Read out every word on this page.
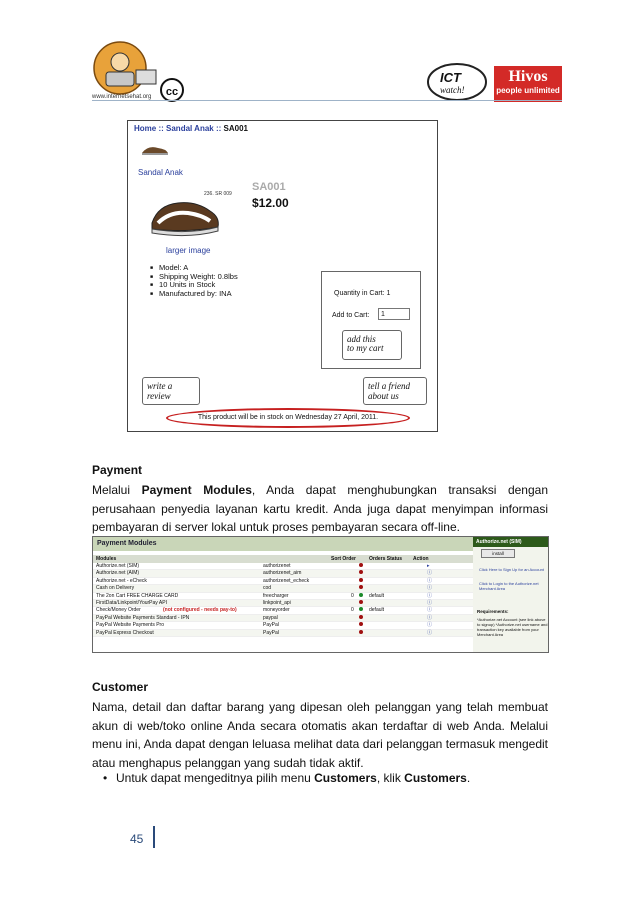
www.internetsehat.org	cc
ICT
watch!
Hivos
people unlimited
Home :: Sandal Anak :: SA001
Sandal Anak
SA001
$12.00
236. SR 009
larger image
■ Model: A
■ Shipping Weight: 0.8lbs
■ 10 Units in Stock
■ Manufactured by: INA	Quantity in Cart: 1
Add to Cart:	1
add this
to my cart
write a
review
tell a friend
about us
This product will be in stock on Wednesday 27 April, 2011.
Payment
Melalui Payment Modules, Anda dapat menghubungkan transaksi dengan perusahaan penyedia layanan kartu kredit. Anda juga dapat menyimpan informasi pembayaran di server lokal untuk proses pembayaran secara off-line.
Payment Modules
Modules	Sort Order	Orders Status Action
Authorize.net (SIM)	authorizenet	▸
Authorize.net (AIM)	authorizenet_aim	ⓘ
Authorize.net - eCheck	authorizenet_echeck	ⓘ
Cash on Delivery	cod	ⓘ
The 2on Cart FREE CHARGE CARD	freecharger	0	default	ⓘ
FirstData/Linkpoint/YourPay API	linkpoint_api	ⓘ
Check/Money Order	(not configured - needs pay-to)	moneyorder	0	default	ⓘ
PayPal Website Payments Standard - IPN	paypal	ⓘ
PayPal Website Payments Pro	PayPal	ⓘ
PayPal Express Checkout	PayPal	ⓘ
Authorize.net (SIM)
install
Click Here to Sign Up for an Account
Click to Login to the Authorize.net Merchant Area
Requirements:
*Authorize.net Account (see link above to signup) *Authorize.net username and transaction key available from your Merchant Area
Customer
Nama, detail dan daftar barang yang dipesan oleh pelanggan yang telah membuat akun di web/toko online Anda secara otomatis akan terdaftar di web Anda. Melalui menu ini, Anda dapat dengan leluasa melihat data dari pelanggan termasuk mengedit atau menghapus pelanggan yang sudah tidak aktif.
• Untuk dapat mengeditnya pilih menu Customers, klik Customers.
45
